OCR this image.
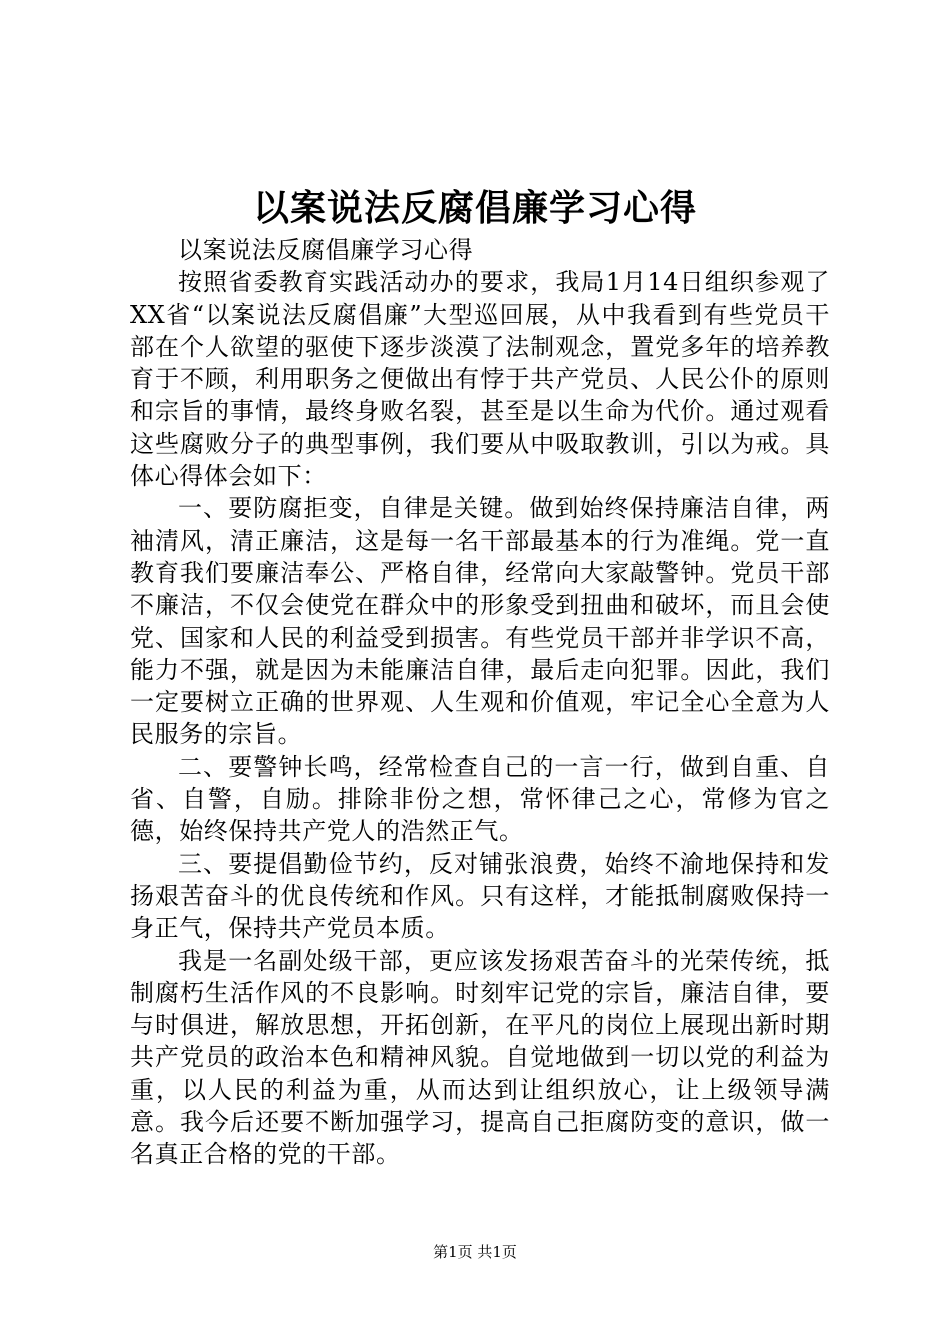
以案说法反腐倡廉学习心得

以案说法反腐倡廉学习心得

按照省委教育实践活动办的要求，我局1月14日组织参观了XX省“以案说法反腐倡廉”大型巡回展，从中我看到有些党员干部在个人欲望的驱使下逐步淡漠了法制观念，置党多年的培养教育于不顾，利用职务之便做出有悖于共产党员、人民公仆的原则和宗旨的事情，最终身败名裂，甚至是以生命为代价。通过观看这些腐败分子的典型事例，我们要从中吸取教训，引以为戒。具体心得体会如下：

一、要防腐拒变，自律是关键。做到始终保持廉洁自律，两袖清风，清正廉洁，这是每一名干部最基本的行为准绳。党一直教育我们要廉洁奉公、严格自律，经常向大家敲警钟。党员干部不廉洁，不仅会使党在群众中的形象受到扭曲和破坏，而且会使党、国家和人民的利益受到损害。有些党员干部并非学识不高，能力不强，就是因为未能廉洁自律，最后走向犯罪。因此，我们一定要树立正确的世界观、人生观和价值观，牢记全心全意为人民服务的宗旨。

二、要警钟长鸣，经常检查自己的一言一行，做到自重、自省、自警，自励。排除非份之想，常怀律己之心，常修为官之德，始终保持共产党人的浩然正气。

三、要提倡勤俭节约，反对铺张浪费，始终不渝地保持和发扬艰苦奋斗的优良传统和作风。只有这样，才能抵制腐败保持一身正气，保持共产党员本质。

我是一名副处级干部，更应该发扬艰苦奋斗的光荣传统，抵制腐朽生活作风的不良影响。时刻牢记党的宗旨，廉洁自律，要与时俱进，解放思想，开拓创新，在平凡的岗位上展现出新时期共产党员的政治本色和精神风貌。自觉地做到一切以党的利益为重，以人民的利益为重，从而达到让组织放心，让上级领导满意。我今后还要不断加强学习，提高自己拒腐防变的意识，做一名真正合格的党的干部。

第1页 共1页
